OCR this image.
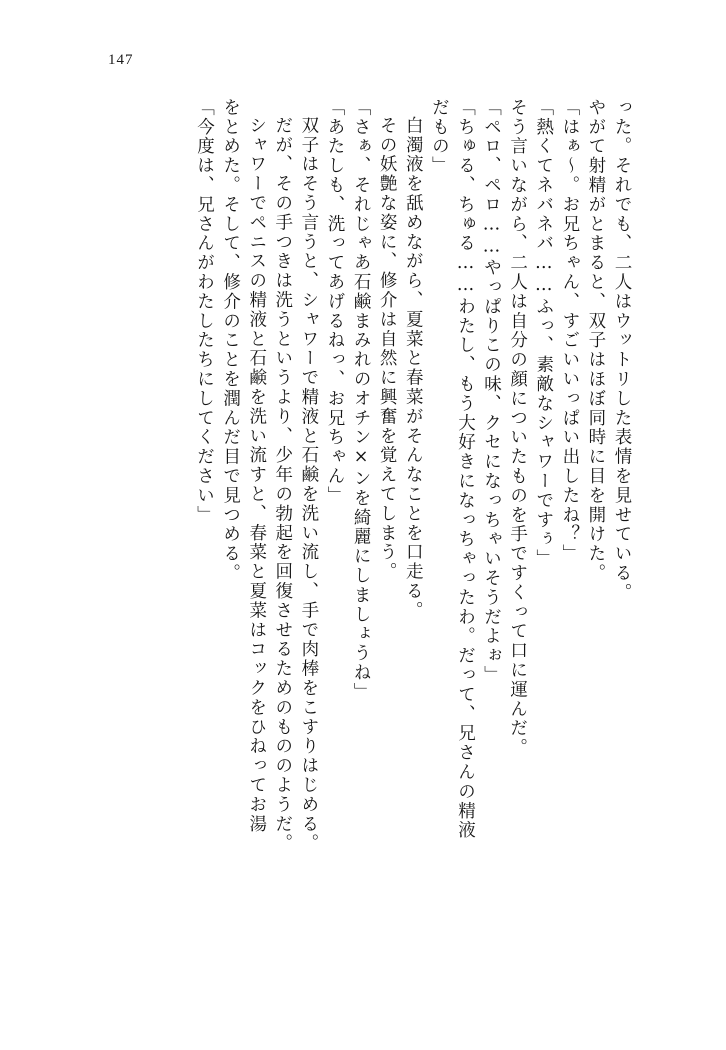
147
った。それでも、二人はウットリした表情を見せている。
やがて射精がとまると、双子はほぼ同時に目を開けた。
「はぁ～。お兄ちゃん、すごいいっぱい出したね？」
「熱くてネバネバ……ふっ、素敵なシャワーですぅ」
そう言いながら、二人は自分の顔についたものを手ですくって口に運んだ。
「ペロ、ペロ……やっぱりこの味、クセになっちゃいそうだよぉ」
「ちゅる、ちゅる……わたし、もう大好きになっちゃったわ。だって、兄さんの精液
だもの」
白濁液を舐めながら、夏菜と春菜がそんなことを口走る。
その妖艶な姿に、修介は自然に興奮を覚えてしまう。
「さぁ、それじゃあ石鹸まみれのオチン×ンを綺麗にしましょうね」
「あたしも、洗ってあげるねっ、お兄ちゃん」
双子はそう言うと、シャワーで精液と石鹸を洗い流し、手で肉棒をこすりはじめる。
だが、その手つきは洗うというより、少年の勃起を回復させるためのもののようだ。
シャワーでペニスの精液と石鹸を洗い流すと、春菜と夏菜はコックをひねってお湯
をとめた。そして、修介のことを潤んだ目で見つめる。
「今度は、兄さんがわたしたちにしてください」
